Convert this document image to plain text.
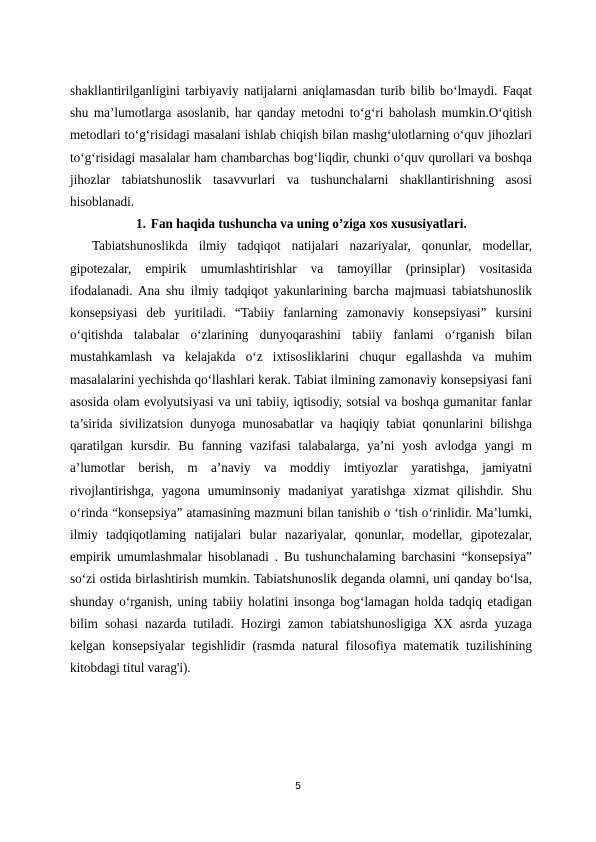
shakllantirilganligini tarbiyaviy natijalarni aniqlamasdan turib bilib bo‘lmaydi. Faqat shu ma’lumotlarga asoslanib, har qanday metodni to‘g‘ri baholash mumkin.O‘qitish metodlari to‘g‘risidagi masalani ishlab chiqish bilan mashg‘ulotlarning o‘quv jihozlari to‘g‘risidagi masalalar ham chambarchas bog‘liqdir, chunki o‘quv qurollari va boshqa jihozlar tabiatshunoslik tasavvurlari va tushunchalarni shakllantirishning asosi hisoblanadi.

1. Fan haqida tushuncha va uning o’ziga xos xususiyatlari.

Tabiatshunoslikda ilmiy tadqiqot natijalari nazariyalar, qonunlar, modellar, gipotezalar, empirik umumlashtirishlar va tamoyillar (prinsiplar) vositasida ifodalanadi. Ana shu ilmiy tadqiqot yakunlarining barcha majmuasi tabiatshunoslik konsepsiyasi deb yuritiladi. “Tabiiy fanlarning zamonaviy konsepsiyasi” kursini o‘qitishda talabalar o‘zlarining dunyoqarashini tabiiy fanlami o‘rganish bilan mustahkamlash va kelajakda o‘z ixtisosliklarini chuqur egallashda va muhim masalalarini yechishda qo‘llashlari kerak. Tabiat ilmining zamonaviy konsepsiyasi fani asosida olam evolyutsiyasi va uni tabiiy, iqtisodiy, sotsial va boshqa gumanitar fanlar ta’sirida sivilizatsion dunyoga munosabatlar va haqiqiy tabiat qonunlarini bilishga qaratilgan kursdir. Bu fanning vazifasi talabalarga, ya’ni yosh avlodga yangi m a’lumotlar berish, m a’naviy va moddiy imtiyozlar yaratishga, jamiyatni rivojlantirishga, yagona umuminsoniy madaniyat yaratishga xizmat qilishdir. Shu o‘rinda “konsepsiya” atamasining mazmuni bilan tanishib o ‘tish o‘rinlidir. Ma’lumki, ilmiy tadqiqotlaming natijalari bular nazariyalar, qonunlar, modellar, gipotezalar, empirik umumlashmalar hisoblanadi . Bu tushunchalaming barchasini “konsepsiya” so‘zi ostida birlashtirish mumkin. Tabiatshunoslik deganda olamni, uni qanday bo‘lsa, shunday o‘rganish, uning tabiiy holatini insonga bog‘lamagan holda tadqiq etadigan bilim sohasi nazarda tutiladi. Hozirgi zamon tabiatshunosligiga XX asrda yuzaga kelgan konsepsiyalar tegishlidir (rasmda natural filosofiya matematik tuzilishining kitobdagi titul varag'i).

5
